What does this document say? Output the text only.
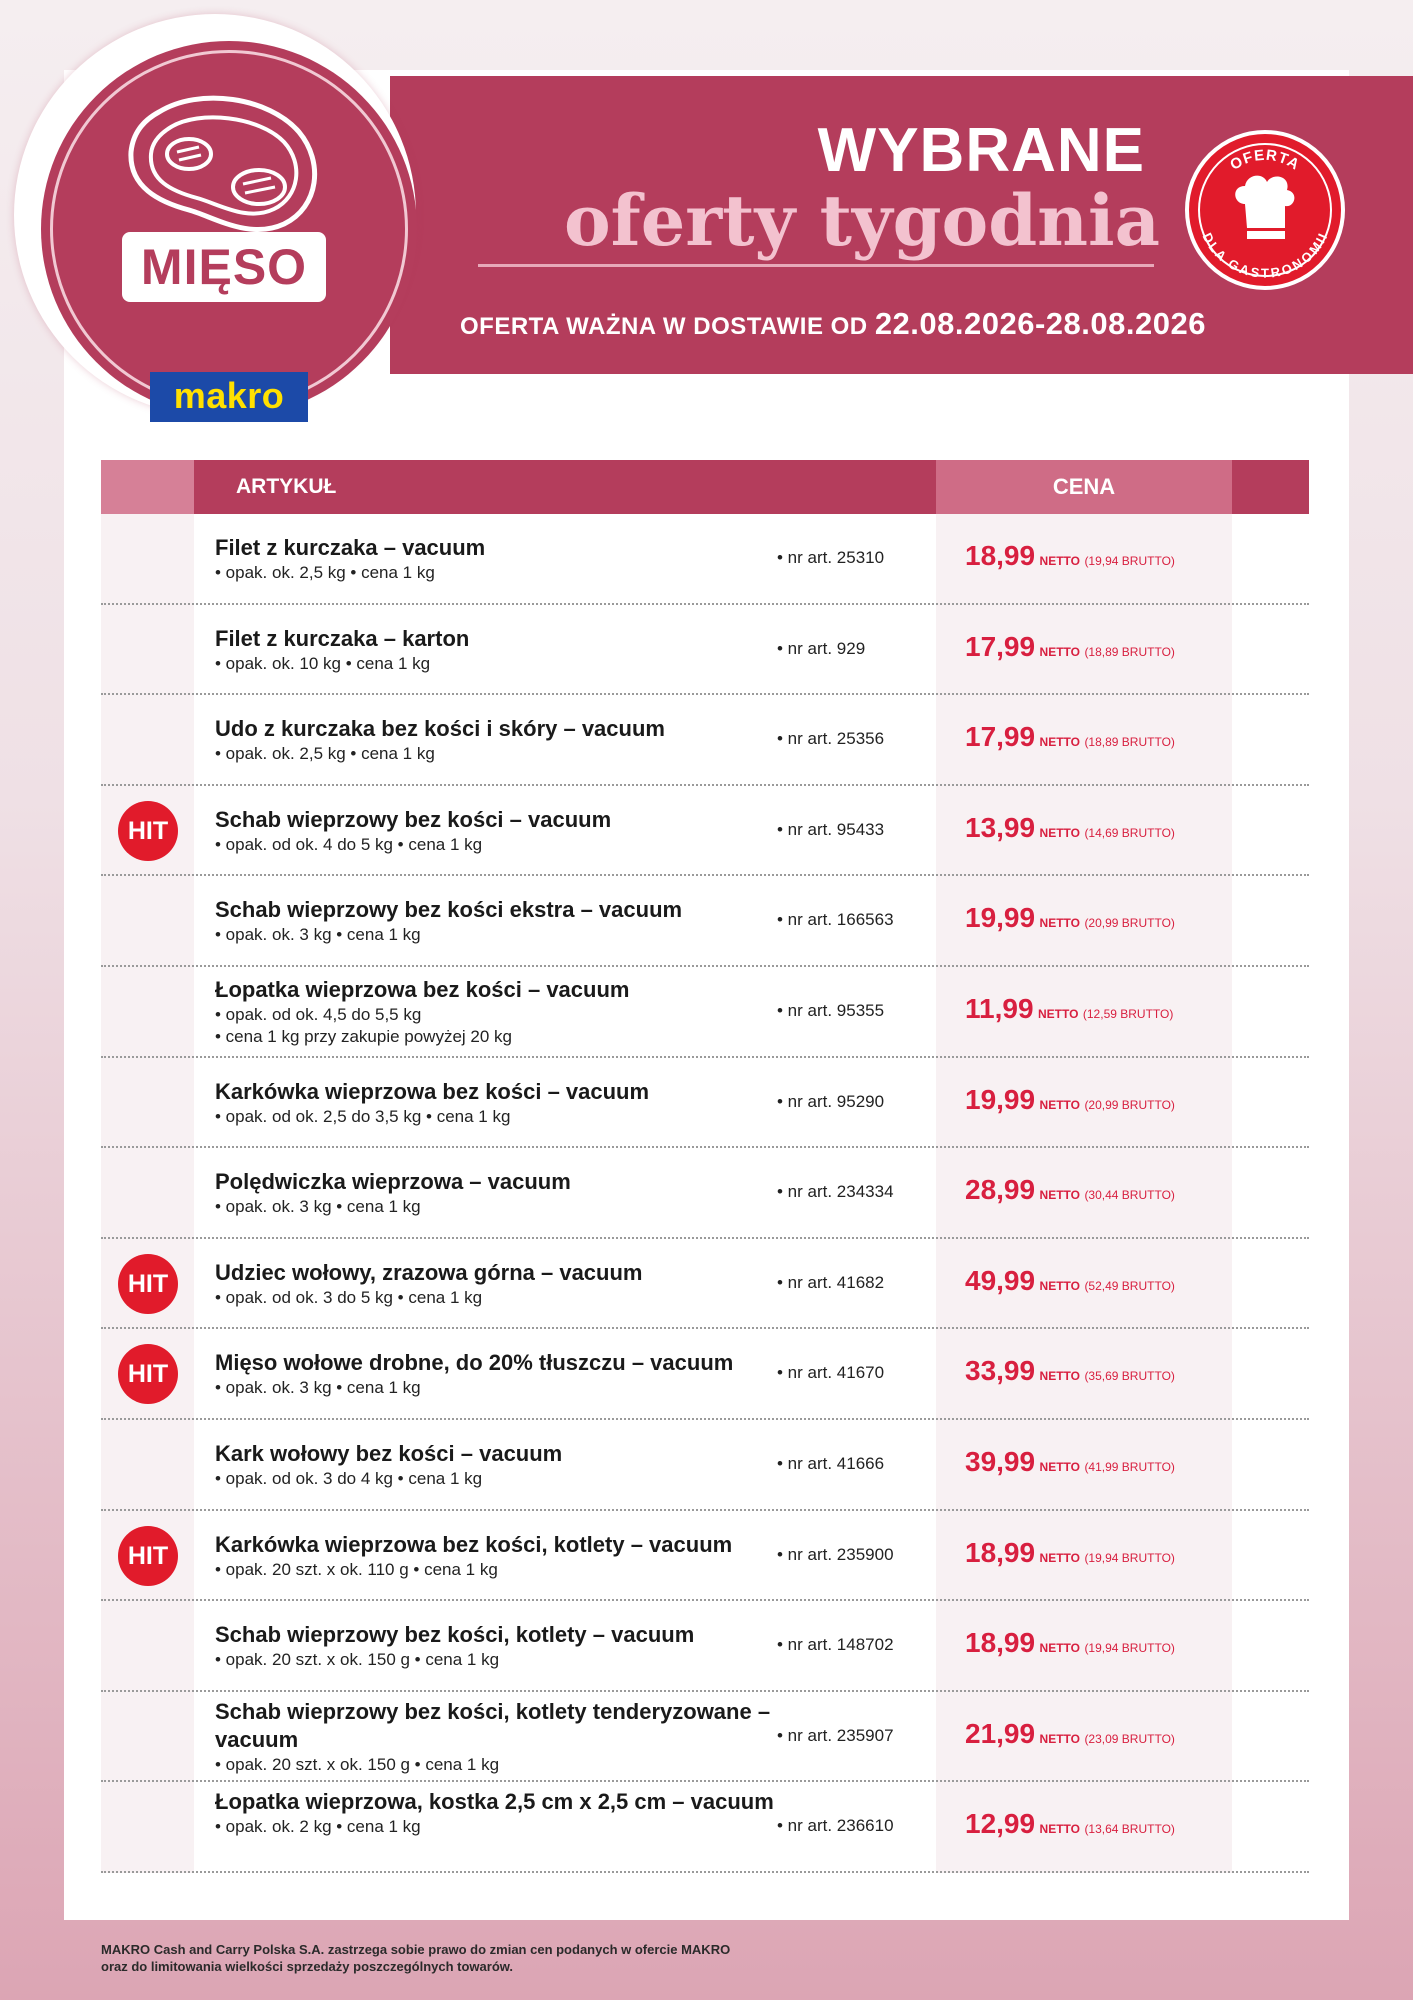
WYBRANE
oferty tygodnia
OFERTA WAŻNA W DOSTAWIE OD 22.08.2026-28.08.2026
OFERTA
DLA GASTRONOMII
MIĘSO
makro
ARTYKUŁ	CENA
Filet z kurczaka – vacuum
• opak. ok. 2,5 kg • cena 1 kg
• nr art. 25310	18,99 NETTO (19,94 BRUTTO)
Filet z kurczaka – karton
• opak. ok. 10 kg • cena 1 kg
• nr art. 929	17,99 NETTO (18,89 BRUTTO)
Udo z kurczaka bez kości i skóry – vacuum
• opak. ok. 2,5 kg • cena 1 kg
• nr art. 25356	17,99 NETTO (18,89 BRUTTO)
HIT	Schab wieprzowy bez kości – vacuum
• opak. od ok. 4 do 5 kg • cena 1 kg
• nr art. 95433	13,99 NETTO (14,69 BRUTTO)
Schab wieprzowy bez kości ekstra – vacuum
• opak. ok. 3 kg • cena 1 kg
• nr art. 166563	19,99 NETTO (20,99 BRUTTO)
Łopatka wieprzowa bez kości – vacuum
• opak. od ok. 4,5 do 5,5 kg
• cena 1 kg przy zakupie powyżej 20 kg
• nr art. 95355	11,99 NETTO (12,59 BRUTTO)
Karkówka wieprzowa bez kości – vacuum
• opak. od ok. 2,5 do 3,5 kg • cena 1 kg
• nr art. 95290	19,99 NETTO (20,99 BRUTTO)
Polędwiczka wieprzowa – vacuum
• opak. ok. 3 kg • cena 1 kg
• nr art. 234334	28,99 NETTO (30,44 BRUTTO)
HIT	Udziec wołowy, zrazowa górna – vacuum
• opak. od ok. 3 do 5 kg • cena 1 kg
• nr art. 41682	49,99 NETTO (52,49 BRUTTO)
HIT	Mięso wołowe drobne, do 20% tłuszczu – vacuum
• opak. ok. 3 kg • cena 1 kg
• nr art. 41670	33,99 NETTO (35,69 BRUTTO)
Kark wołowy bez kości – vacuum
• opak. od ok. 3 do 4 kg • cena 1 kg
• nr art. 41666	39,99 NETTO (41,99 BRUTTO)
HIT	Karkówka wieprzowa bez kości, kotlety – vacuum
• opak. 20 szt. x ok. 110 g • cena 1 kg
• nr art. 235900	18,99 NETTO (19,94 BRUTTO)
Schab wieprzowy bez kości, kotlety – vacuum
• opak. 20 szt. x ok. 150 g • cena 1 kg
• nr art. 148702	18,99 NETTO (19,94 BRUTTO)
Schab wieprzowy bez kości, kotlety tenderyzowane – vacuum
• opak. 20 szt. x ok. 150 g • cena 1 kg
• nr art. 235907	21,99 NETTO (23,09 BRUTTO)
Łopatka wieprzowa, kostka 2,5 cm x 2,5 cm – vacuum
• opak. ok. 2 kg • cena 1 kg	• nr art. 236610	12,99 NETTO (13,64 BRUTTO)
MAKRO Cash and Carry Polska S.A. zastrzega sobie prawo do zmian cen podanych w ofercie MAKRO
oraz do limitowania wielkości sprzedaży poszczególnych towarów.
